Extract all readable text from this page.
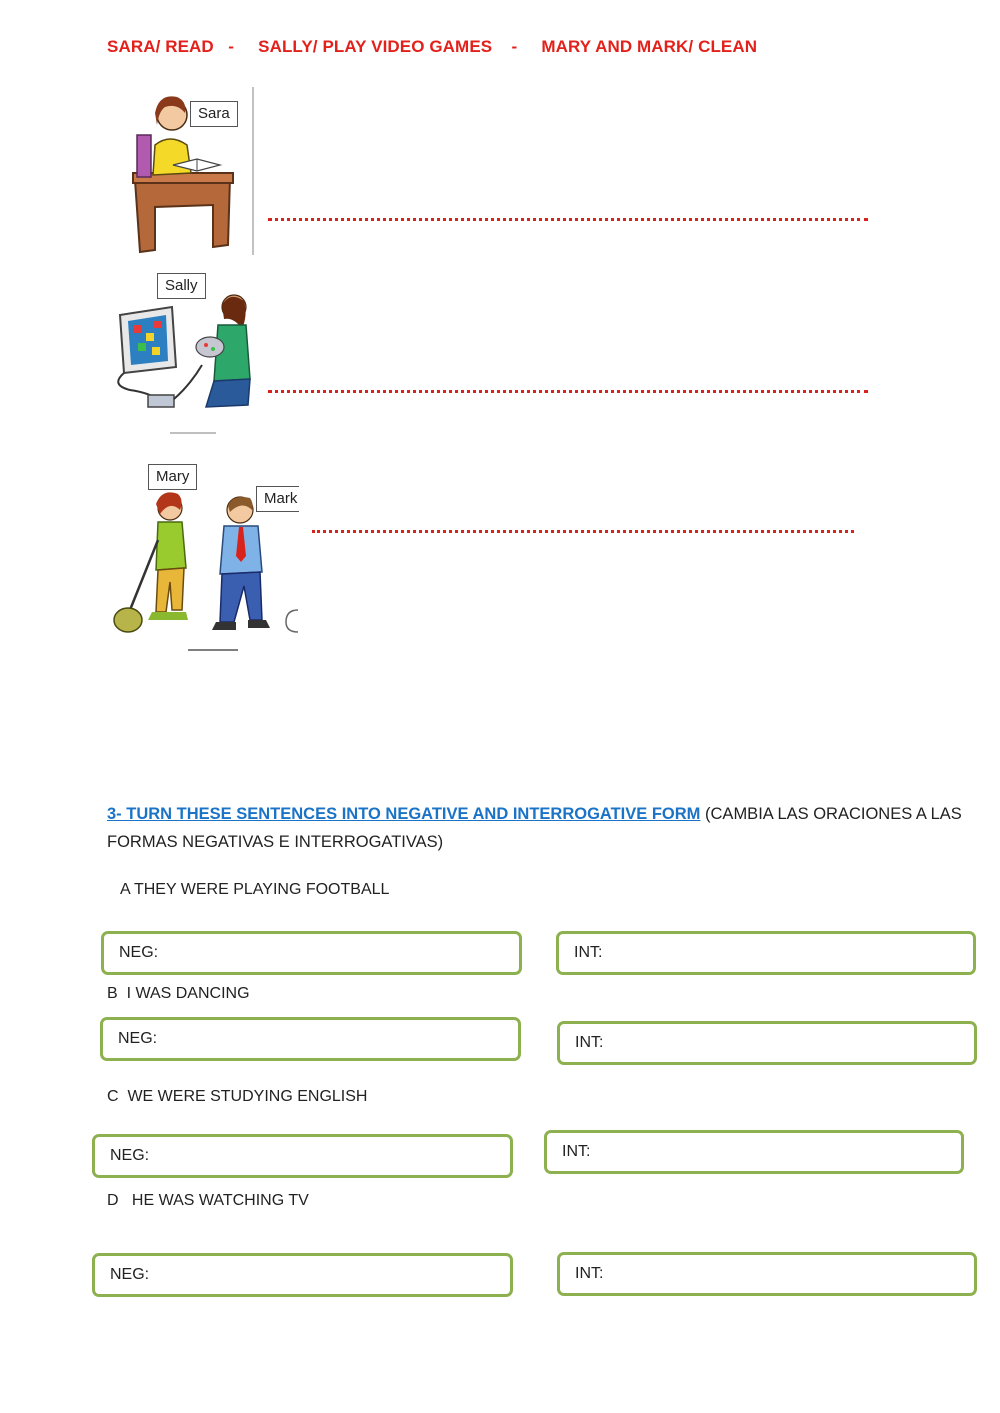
SARA/ READ   -     SALLY/ PLAY VIDEO GAMES    -     MARY AND MARK/ CLEAN
Sara
Sally
Mary
Mark
3- TURN THESE SENTENCES INTO NEGATIVE AND INTERROGATIVE FORM (CAMBIA LAS ORACIONES A LAS FORMAS NEGATIVAS E INTERROGATIVAS)
A THEY WERE PLAYING FOOTBALL
NEG:	INT:
B  I WAS DANCING
NEG:	INT:
C  WE WERE STUDYING ENGLISH
NEG:	INT:
D   HE WAS WATCHING TV
NEG:	INT:
